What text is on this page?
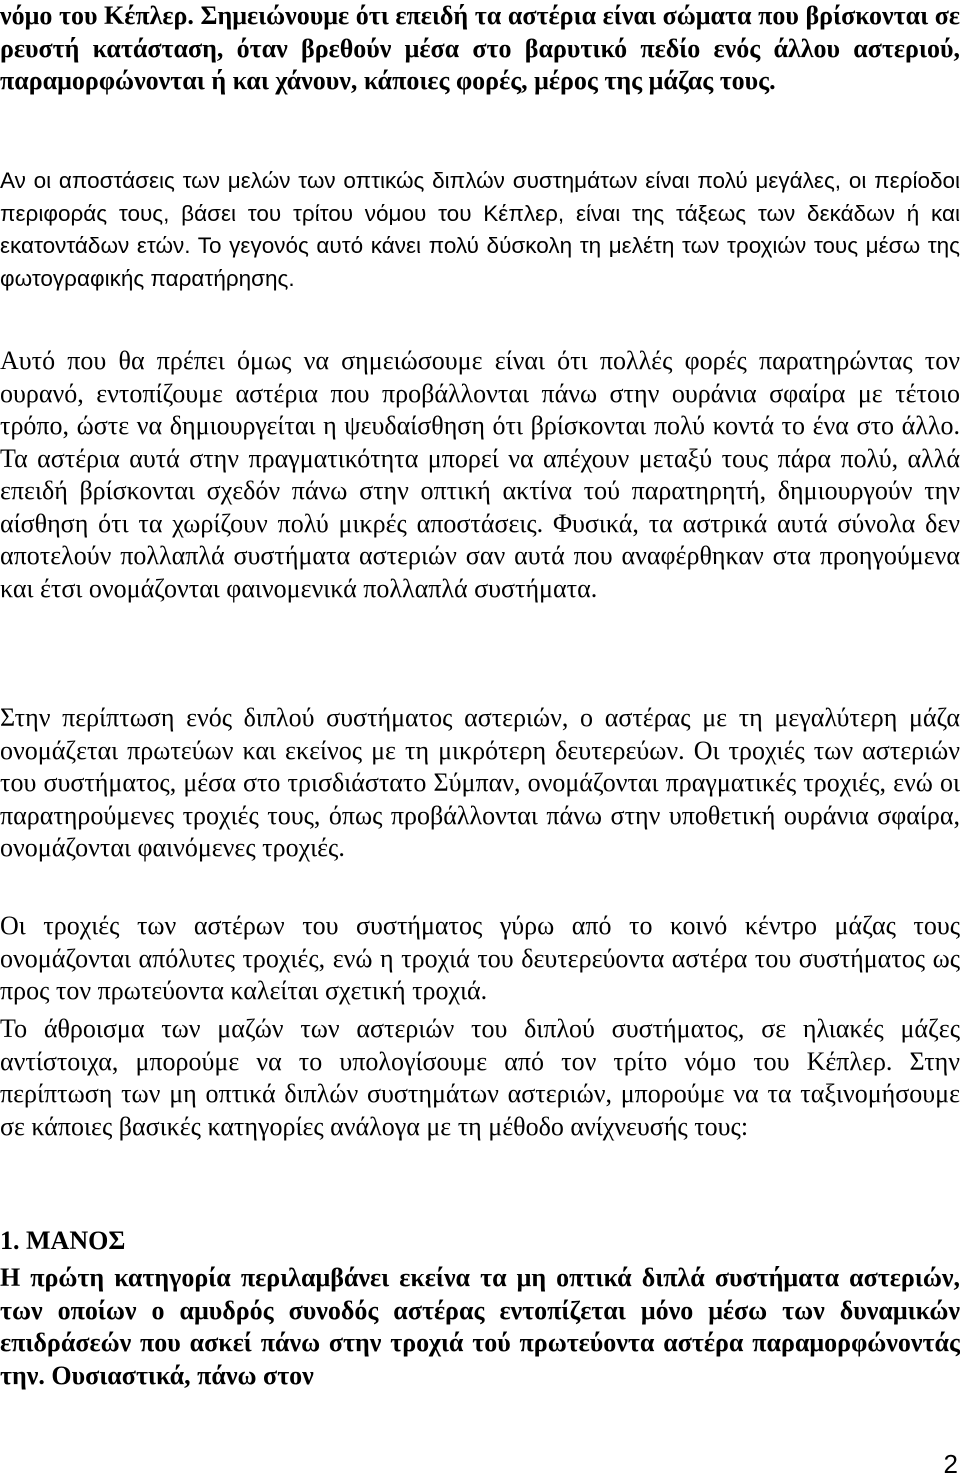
νόμο του Κέπλερ. Σημειώνουμε ότι επειδή τα αστέρια είναι σώματα που βρίσκονται σε ρευστή κατάσταση, όταν βρεθούν μέσα στο βαρυτικό πεδίο ενός άλλου αστεριού, παραμορφώνονται ή και χάνουν, κάποιες φορές, μέρος της μάζας τους.

Αν οι αποστάσεις των μελών των οπτικώς διπλών συστημάτων είναι πολύ μεγάλες, οι περίοδοι περιφοράς τους, βάσει του τρίτου νόμου του Κέπλερ, είναι της τάξεως των δεκάδων ή και εκατοντάδων ετών. Το γεγονός αυτό κάνει πολύ δύσκολη τη μελέτη των τροχιών τους μέσω της φωτογραφικής παρατήρησης.

Αυτό που θα πρέπει όμως να σημειώσουμε είναι ότι πολλές φορές παρατηρώντας τον ουρανό, εντοπίζουμε αστέρια που προβάλλονται πάνω στην ουράνια σφαίρα με τέτοιο τρόπο, ώστε να δημιουργείται η ψευδαίσθηση ότι βρίσκονται πολύ κοντά το ένα στο άλλο. Τα αστέρια αυτά στην πραγματικότητα μπορεί να απέχουν μεταξύ τους πάρα πολύ, αλλά επειδή βρίσκονται σχεδόν πάνω στην οπτική ακτίνα τού παρατηρητή, δημιουργούν την αίσθηση ότι τα χωρίζουν πολύ μικρές αποστάσεις. Φυσικά, τα αστρικά αυτά σύνολα δεν αποτελούν πολλαπλά συστήματα αστεριών σαν αυτά που αναφέρθηκαν στα προηγούμενα και έτσι ονομάζονται φαινομενικά πολλαπλά συστήματα.

Στην περίπτωση ενός διπλού συστήματος αστεριών, ο αστέρας με τη μεγαλύτερη μάζα ονομάζεται πρωτεύων και εκείνος με τη μικρότερη δευτερεύων. Οι τροχιές των αστεριών του συστήματος, μέσα στο τρισδιάστατο Σύμπαν, ονομάζονται πραγματικές τροχιές, ενώ οι παρατηρούμενες τροχιές τους, όπως προβάλλονται πάνω στην υποθετική ουράνια σφαίρα, ονομάζονται φαινόμενες τροχιές.

Οι τροχιές των αστέρων του συστήματος γύρω από το κοινό κέντρο μάζας τους ονομάζονται απόλυτες τροχιές, ενώ η τροχιά του δευτερεύοντα αστέρα του συστήματος ως προς τον πρωτεύοντα καλείται σχετική τροχιά.

Το άθροισμα των μαζών των αστεριών του διπλού συστήματος, σε ηλιακές μάζες αντίστοιχα, μπορούμε να το υπολογίσουμε από τον τρίτο νόμο του Κέπλερ. Στην περίπτωση των μη οπτικά διπλών συστημάτων αστεριών, μπορούμε να τα ταξινομήσουμε σε κάποιες βασικές κατηγορίες ανάλογα με τη μέθοδο ανίχνευσής τους:

1. ΜΑΝΟΣ

Η πρώτη κατηγορία περιλαμβάνει εκείνα τα μη οπτικά διπλά συστήματα αστεριών, των οποίων ο αμυδρός συνοδός αστέρας εντοπίζεται μόνο μέσω των δυναμικών επιδράσεών που ασκεί πάνω στην τροχιά τού πρωτεύοντα αστέρα παραμορφώνοντάς την. Ουσιαστικά, πάνω στον

2
